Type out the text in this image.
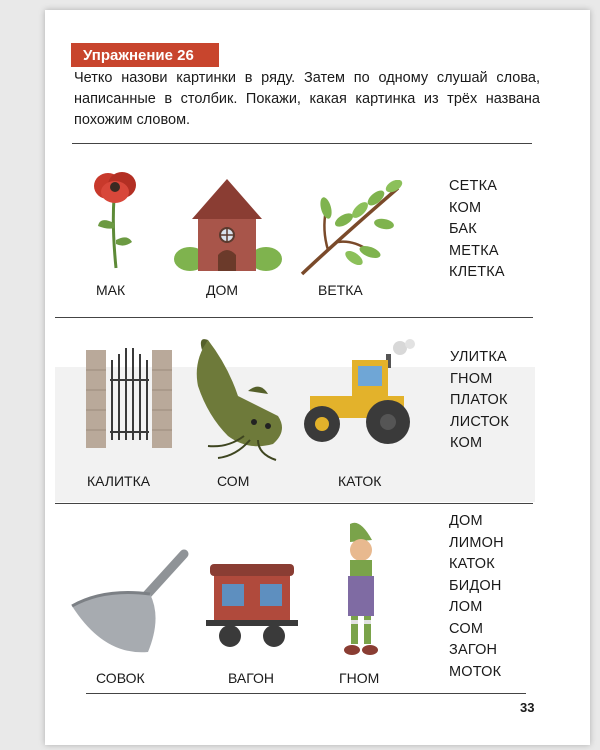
Упражнение 26
Четко назови картинки в ряду. Затем по одному слушай слова, написанные в столбик. Покажи, какая картинка из трёх названа похожим словом.
МАК	ДОМ	ВЕТКА
СЕТКА
КОМ
БАК
МЕТКА
КЛЕТКА
КАЛИТКА	СОМ	КАТОК
УЛИТКА
ГНОМ
ПЛАТОК
ЛИСТОК
КОМ
СОВОК	ВАГОН	ГНОМ
ДОМ
ЛИМОН
КАТОК
БИДОН
ЛОМ
СОМ
ЗАГОН
МОТОК
33
